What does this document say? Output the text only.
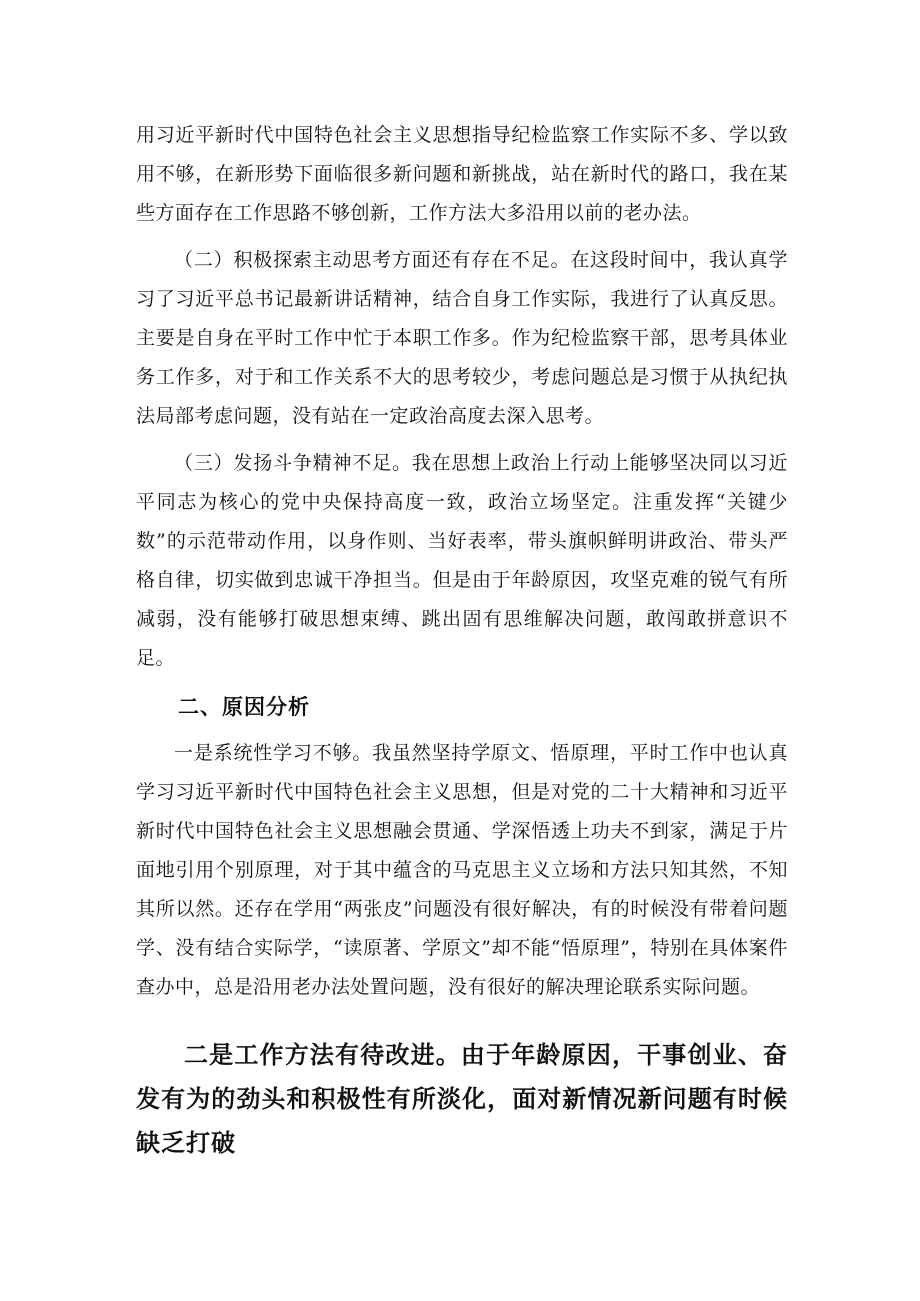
用习近平新时代中国特色社会主义思想指导纪检监察工作实际不多、学以致用不够，在新形势下面临很多新问题和新挑战，站在新时代的路口，我在某些方面存在工作思路不够创新，工作方法大多沿用以前的老办法。

（二）积极探索主动思考方面还有存在不足。在这段时间中，我认真学习了习近平总书记最新讲话精神，结合自身工作实际，我进行了认真反思。主要是自身在平时工作中忙于本职工作多。作为纪检监察干部，思考具体业务工作多，对于和工作关系不大的思考较少，考虑问题总是习惯于从执纪执法局部考虑问题，没有站在一定政治高度去深入思考。

（三）发扬斗争精神不足。我在思想上政治上行动上能够坚决同以习近平同志为核心的党中央保持高度一致，政治立场坚定。注重发挥“关键少数”的示范带动作用，以身作则、当好表率，带头旗帜鲜明讲政治、带头严格自律，切实做到忠诚干净担当。但是由于年龄原因，攻坚克难的锐气有所减弱，没有能够打破思想束缚、跳出固有思维解决问题，敢闯敢拼意识不足。

二、原因分析

一是系统性学习不够。我虽然坚持学原文、悟原理，平时工作中也认真学习习近平新时代中国特色社会主义思想，但是对党的二十大精神和习近平新时代中国特色社会主义思想融会贯通、学深悟透上功夫不到家，满足于片面地引用个别原理，对于其中蕴含的马克思主义立场和方法只知其然，不知其所以然。还存在学用“两张皮”问题没有很好解决，有的时候没有带着问题学、没有结合实际学，“读原著、学原文”却不能“悟原理”，特别在具体案件查办中，总是沿用老办法处置问题，没有很好的解决理论联系实际问题。

二是工作方法有待改进。由于年龄原因，干事创业、奋发有为的劲头和积极性有所淡化，面对新情况新问题有时候缺乏打破
